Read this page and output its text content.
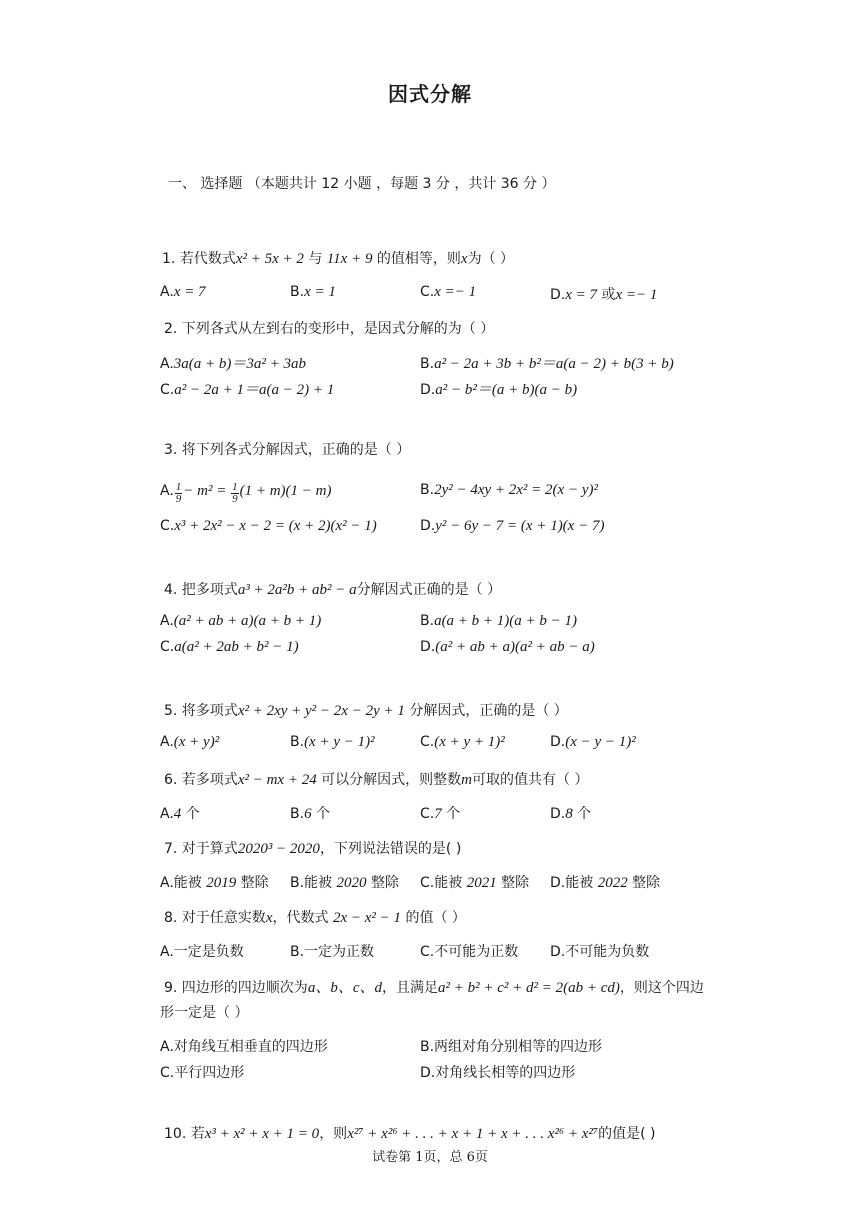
因式分解
一、 选择题 （本题共计 12 小题 ，每题 3 分 ，共计 36 分 ）
1. 若代数式x² + 5x + 2 与 11x + 9 的值相等，则x为（ ）
A.x = 7	B.x = 1	C.x =− 1	D.x = 7 或x =− 1
2. 下列各式从左到右的变形中，是因式分解的为（ ）
A.3a(a + b)＝3a² + 3ab	B.a² − 2a + 3b + b²＝a(a − 2) + b(3 + b)
C.a² − 2a + 1＝a(a − 2) + 1	D.a² − b²＝(a + b)(a − b)
3. 将下列各式分解因式，正确的是（ ）
A. $\frac{1}{9} - m^2 = \frac{1}{9} (1 + m)(1 - m)$	B.2y² − 4xy + 2x² = 2(x − y)²
C.x³ + 2x² − x − 2 = (x + 2)(x² − 1)	D.y² − 6y − 7 = (x + 1)(x − 7)
4. 把多项式a³ + 2a²b + ab² − a分解因式正确的是（ ）
A.(a² + ab + a)(a + b + 1)	B.a(a + b + 1)(a + b − 1)
C.a(a² + 2ab + b² − 1)	D.(a² + ab + a)(a² + ab − a)
5. 将多项式x² + 2xy + y² − 2x − 2y + 1 分解因式，正确的是（ ）
A.(x + y)²	B.(x + y − 1)²	C.(x + y + 1)²	D.(x − y − 1)²
6. 若多项式x² − mx + 24 可以分解因式，则整数m可取的值共有（ ）
A.4 个	B.6 个	C.7 个	D.8 个
7. 对于算式2020³ − 2020，下列说法错误的是( )
A.能被 2019 整除 B.能被 2020 整除 C.能被 2021 整除 D.能被 2022 整除
8. 对于任意实数x，代数式 2x − x² − 1 的值（ ）
A.一定是负数	B.一定为正数	C.不可能为正数 D.不可能为负数
9. 四边形的四边顺次为a、b、c、d，且满足a² + b² + c² + d² = 2(ab + cd)，则这个四边
形一定是（ ）
A.对角线互相垂直的四边形	B.两组对角分别相等的四边形
C.平行四边形	D.对角线长相等的四边形
10. 若x³ + x² + x + 1 = 0，则x²⁷ + x²⁶ + . . . + x + 1 + x + . . . x²⁶ + x²⁷的值是( )
试卷第 1页，总 6页
